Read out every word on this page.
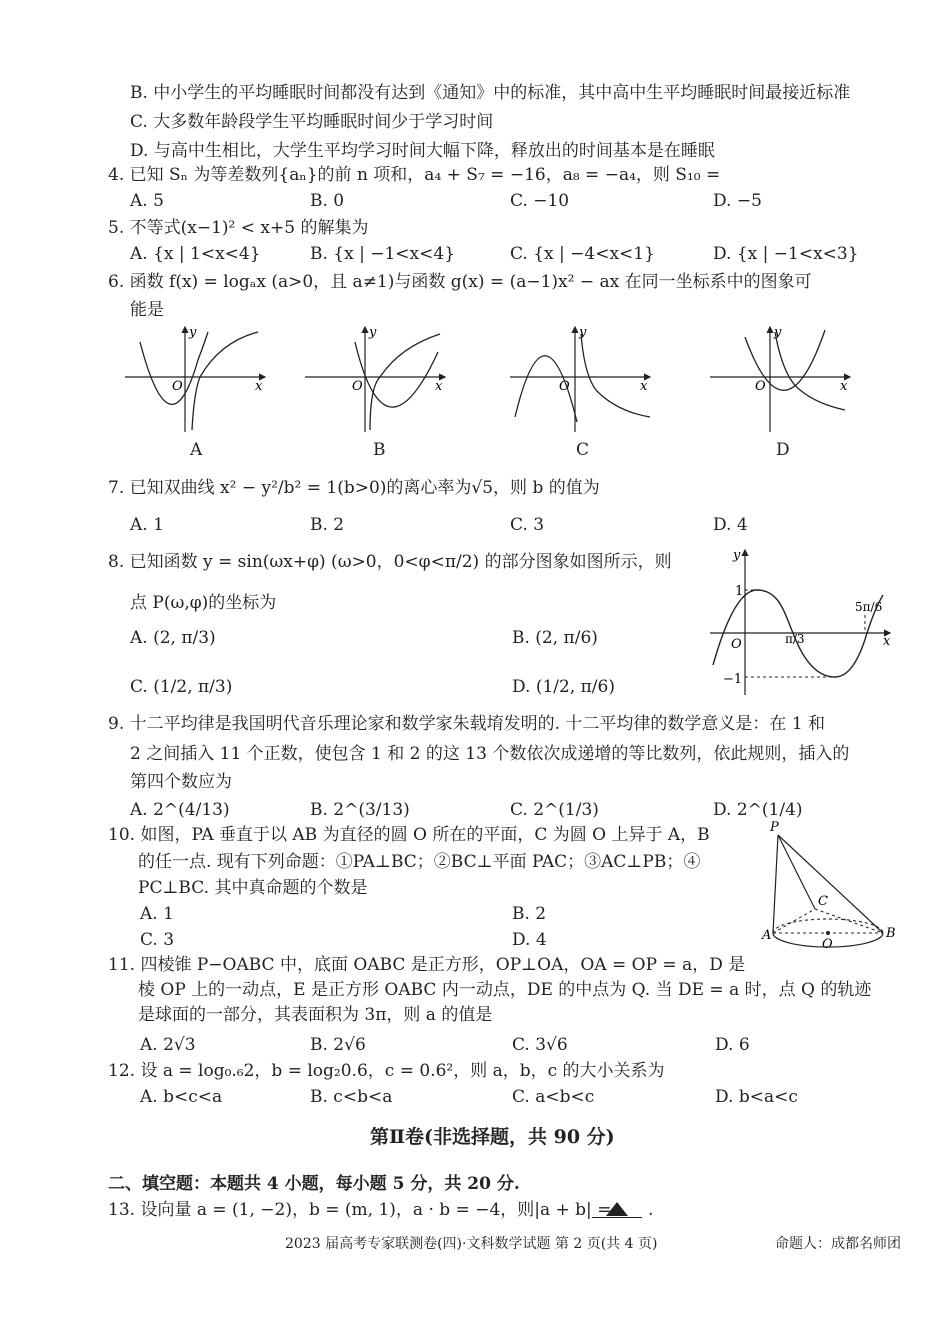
B. 中小学生的平均睡眠时间都没有达到《通知》中的标准，其中高中生平均睡眠时间最接近标准
C. 大多数年龄段学生平均睡眠时间少于学习时间
D. 与高中生相比，大学生平均学习时间大幅下降，释放出的时间基本是在睡眠
4. 已知 Sₙ 为等差数列{aₙ}的前 n 项和，a₄ + S₇ = −16，a₈ = −a₄，则 S₁₀ =
A. 5	B. 0	C. −10	D. −5
5. 不等式(x−1)² < x+5 的解集为
A. {x | 1<x<4}	B. {x | −1<x<4}	C. {x | −4<x<1}	D. {x | −1<x<3}
6. 函数 f(x) = logₐx (a>0，且 a≠1)与函数 g(x) = (a−1)x² − ax 在同一坐标系中的图象可
能是
y
x
O
y
x
O
y
x
O
y
x
O
A	B	C	D
7. 已知双曲线 x² − y²/b² = 1(b>0)的离心率为√5，则 b 的值为
A. 1	B. 2	C. 3	D. 4
8. 已知函数 y = sin(ωx+φ) (ω>0，0<φ<π/2) 的部分图象如图所示，则
点 P(ω,φ)的坐标为
A. (2, π/3)	B. (2, π/6)
C. (1/2, π/3)	D. (1/2, π/6)
y
x
1
−1
O	π/3
5π/6
9. 十二平均律是我国明代音乐理论家和数学家朱载堉发明的. 十二平均律的数学意义是：在 1 和
2 之间插入 11 个正数，使包含 1 和 2 的这 13 个数依次成递增的等比数列，依此规则，插入的
第四个数应为
A. 2^(4/13)	B. 2^(3/13)	C. 2^(1/3)	D. 2^(1/4)
10. 如图，PA 垂直于以 AB 为直径的圆 O 所在的平面，C 为圆 O 上异于 A，B
的任一点. 现有下列命题：①PA⊥BC；②BC⊥平面 PAC；③AC⊥PB；④
PC⊥BC. 其中真命题的个数是
A. 1	B. 2
C. 3	D. 4
P
A	B
C
O
11. 四棱锥 P−OABC 中，底面 OABC 是正方形，OP⊥OA，OA = OP = a，D 是
棱 OP 上的一动点，E 是正方形 OABC 内一动点，DE 的中点为 Q. 当 DE = a 时，点 Q 的轨迹
是球面的一部分，其表面积为 3π，则 a 的值是
A. 2√3	B. 2√6	C. 3√6	D. 6
12. 设 a = log₀.₆2，b = log₂0.6，c = 0.6²，则 a，b，c 的大小关系为
A. b<c<a	B. c<b<a	C. a<b<c	D. b<a<c
第Ⅱ卷(非选择题，共 90 分)
二、填空题：本题共 4 小题，每小题 5 分，共 20 分.
13. 设向量 a = (1, −2)，b = (m, 1)，a · b = −4，则|a + b| = .
2023 届高考专家联测卷(四)·文科数学试题 第 2 页(共 4 页)	命题人：成都名师团
